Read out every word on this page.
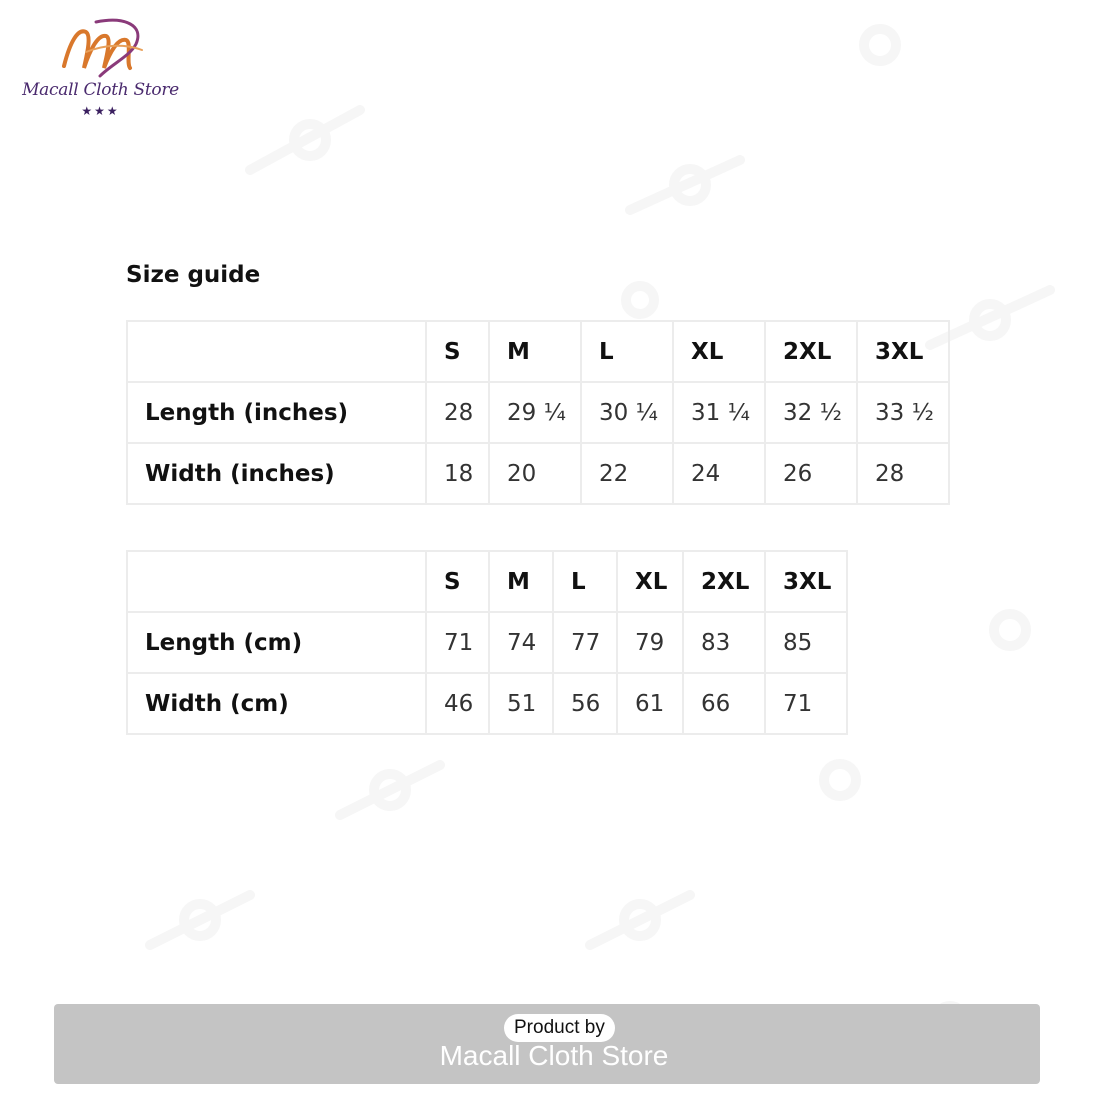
Macall Cloth Store
★★★
Size guide
	S	M	L	XL	2XL	3XL
Length (inches)	28	29 ¼	30 ¼	31 ¼	32 ½	33 ½
Width (inches)	18	20	22	24	26	28
	S	M	L	XL	2XL	3XL
Length (cm)	71	74	77	79	83	85
Width (cm)	46	51	56	61	66	71
Product by
Macall Cloth Store
